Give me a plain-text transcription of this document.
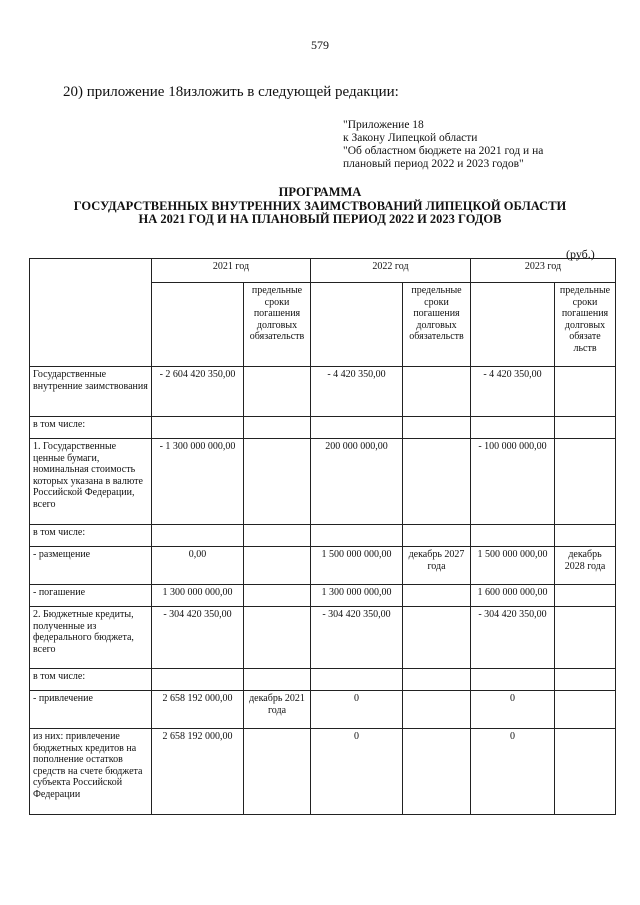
579
20) приложение 18изложить в следующей редакции:
"Приложение 18
к Закону Липецкой области
"Об областном бюджете на 2021 год и на
плановый период 2022 и 2023 годов"
ПРОГРАММА
ГОСУДАРСТВЕННЫХ ВНУТРЕННИХ ЗАИМСТВОВАНИЙ ЛИПЕЦКОЙ ОБЛАСТИ
НА 2021 ГОД И НА ПЛАНОВЫЙ ПЕРИОД 2022 И 2023 ГОДОВ
(руб.)
	2021 год		2022 год		2023 год	
		предельные сроки погашения долговых обязательств		предельные сроки погашения долговых обязательств		предельные сроки погашения долговых обязате льств
Государственные внутренние заимствования	- 2 604 420 350,00		- 4 420 350,00		- 4 420 350,00	
в том числе:						
1. Государственные ценные бумаги, номинальная стоимость которых указана в валюте Российской Федерации, всего	- 1 300 000 000,00		200 000 000,00		- 100 000 000,00	
в том числе:						
- размещение	0,00		1 500 000 000,00	декабрь 2027 года	1 500 000 000,00	декабрь 2028 года
- погашение	1 300 000 000,00		1 300 000 000,00		1 600 000 000,00	
2. Бюджетные кредиты, полученные из федерального бюджета, всего	- 304 420 350,00		- 304 420 350,00		- 304 420 350,00	
в том числе:						
- привлечение	2 658 192 000,00	декабрь 2021 года	0		0	
из них: привлечение бюджетных кредитов на пополнение остатков средств на счете бюджета субъекта Российской Федерации	2 658 192 000,00		0		0	
